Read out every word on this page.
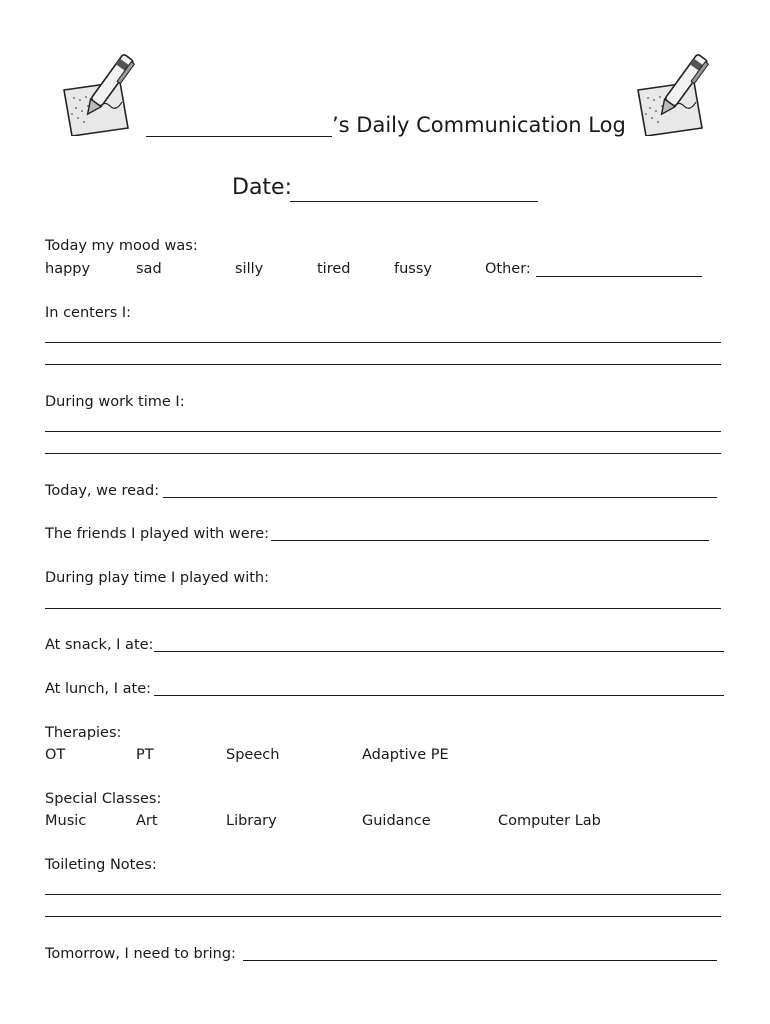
’s Daily Communication Log
Date:
Today my mood was:
happy	sad	silly	tired	fussy	Other:
In centers I:
During work time I:
Today, we read:
The friends I played with were:
During play time I played with:
At snack, I ate:
At lunch, I ate:
Therapies:
OT	PT	Speech	Adaptive PE
Special Classes:
Music	Art	Library	Guidance	Computer Lab
Toileting Notes:
Tomorrow, I need to bring:
